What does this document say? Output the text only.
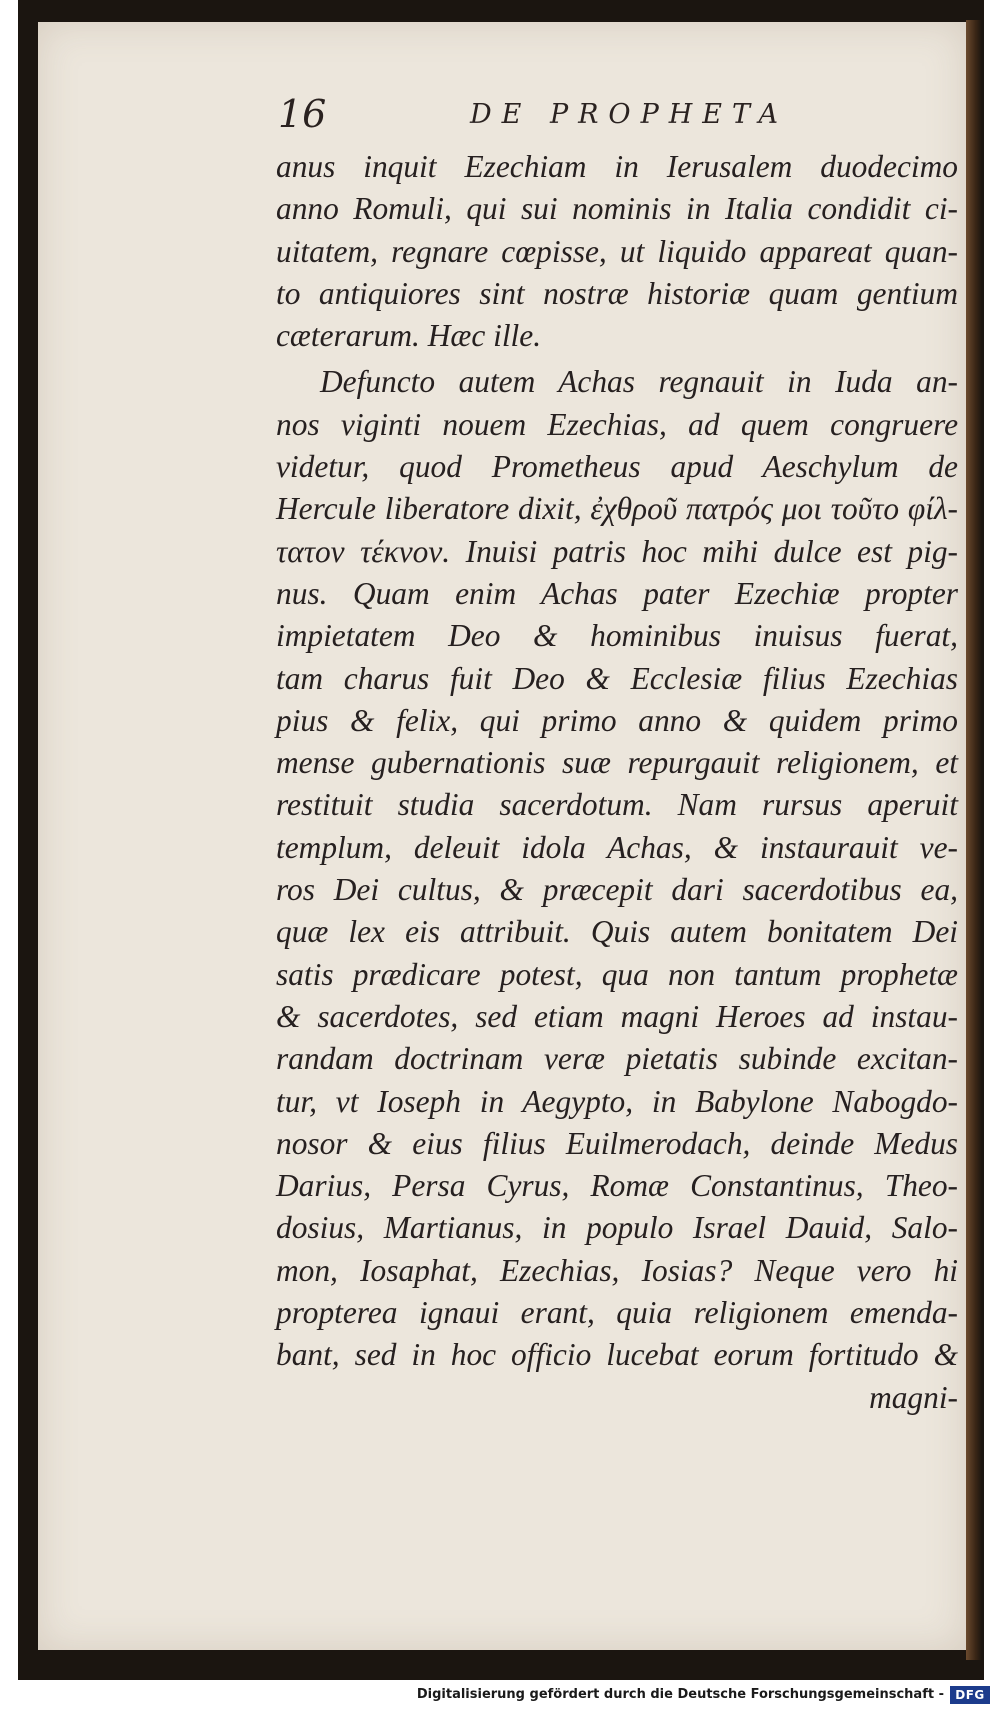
16	DE PROPHETA
anus inquit Ezechiam in Ierusalem duodecimo
anno Romuli, qui sui nominis in Italia condidit ci-
uitatem, regnare cœpisse, ut liquido appareat quan-
to antiquiores sint nostræ historiæ quam gentium
cæterarum. Hæc ille.
Defuncto autem Achas regnauit in Iuda an-
nos viginti nouem Ezechias, ad quem congruere
videtur, quod Prometheus apud Aeschylum de
Hercule liberatore dixit, ἐχθροῦ πατρός μοι τοῦτο φίλ-
τατον τέκνον. Inuisi patris hoc mihi dulce est pig-
nus. Quam enim Achas pater Ezechiæ propter
impietatem Deo & hominibus inuisus fuerat,
tam charus fuit Deo & Ecclesiæ filius Ezechias
pius & felix, qui primo anno & quidem primo
mense gubernationis suæ repurgauit religionem, et
restituit studia sacerdotum. Nam rursus aperuit
templum, deleuit idola Achas, & instaurauit ve-
ros Dei cultus, & præcepit dari sacerdotibus ea,
quæ lex eis attribuit. Quis autem bonitatem Dei
satis prædicare potest, qua non tantum prophetæ
& sacerdotes, sed etiam magni Heroes ad instau-
randam doctrinam veræ pietatis subinde excitan-
tur, vt Ioseph in Aegypto, in Babylone Nabogdo-
nosor & eius filius Euilmerodach, deinde Medus
Darius, Persa Cyrus, Romæ Constantinus, Theo-
dosius, Martianus, in populo Israel Dauid, Salo-
mon, Iosaphat, Ezechias, Iosias? Neque vero hi
propterea ignaui erant, quia religionem emenda-
bant, sed in hoc officio lucebat eorum fortitudo &
magni-
Digitalisierung gefördert durch die Deutsche Forschungsgemeinschaft - DFG
